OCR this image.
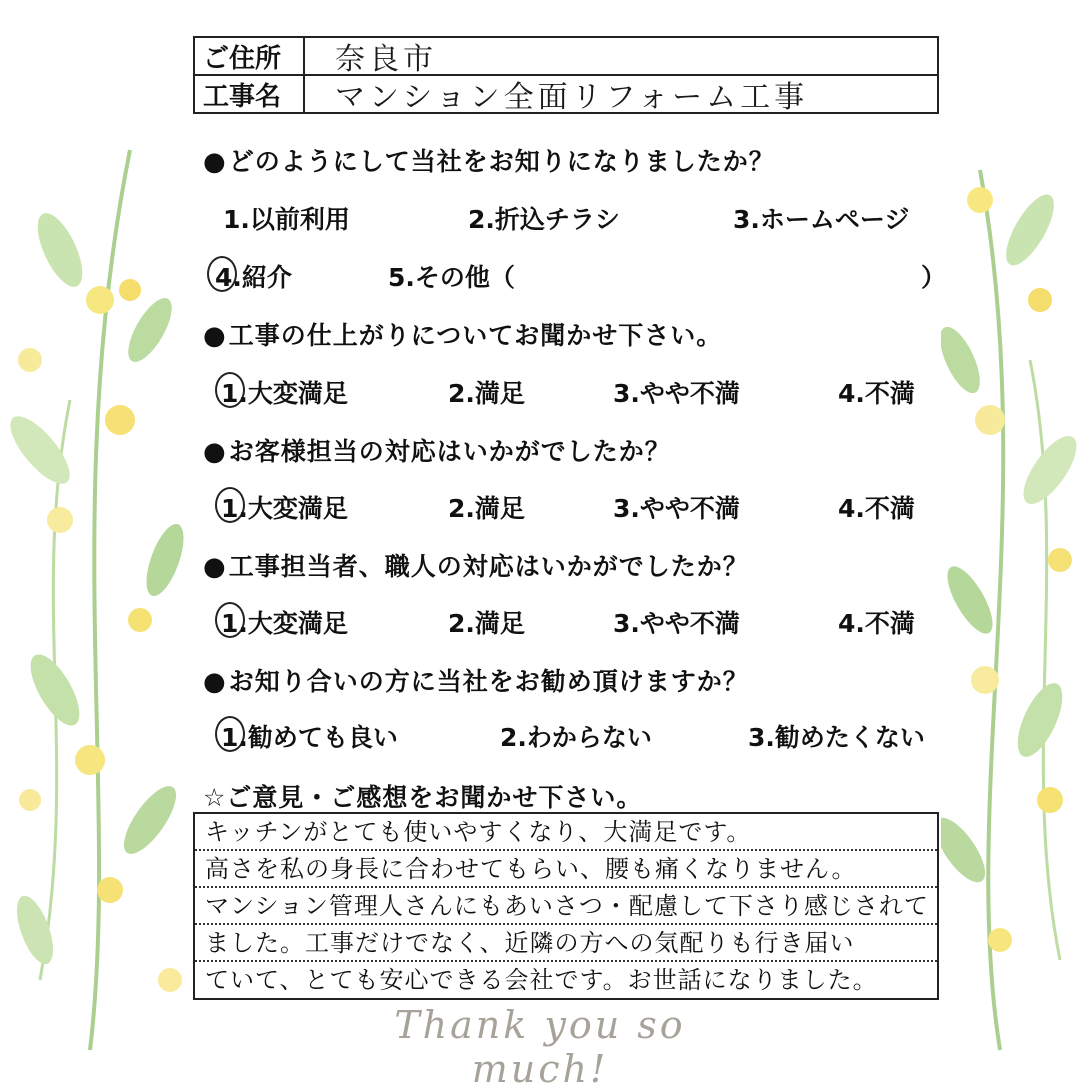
ご住所	奈良市
工事名	マンション全面リフォーム工事
●どのようにして当社をお知りになりましたか？
1.以前利用	2.折込チラシ	3.ホームページ
4.紹介	5.その他（	）
●工事の仕上がりについてお聞かせ下さい。
1.大変満足	2.満足	3.やや不満	4.不満
●お客様担当の対応はいかがでしたか？
1.大変満足	2.満足	3.やや不満	4.不満
●工事担当者、職人の対応はいかがでしたか？
1.大変満足	2.満足	3.やや不満	4.不満
●お知り合いの方に当社をお勧め頂けますか？
1.勧めても良い	2.わからない	3.勧めたくない
☆ご意見・ご感想をお聞かせ下さい。
キッチンがとても使いやすくなり、大満足です。
高さを私の身長に合わせてもらい、腰も痛くなりません。
マンション管理人さんにもあいさつ・配慮して下さり感じされて
ました。工事だけでなく、近隣の方への気配りも行き届い
ていて、とても安心できる会社です。お世話になりました。
Thank you so much!
